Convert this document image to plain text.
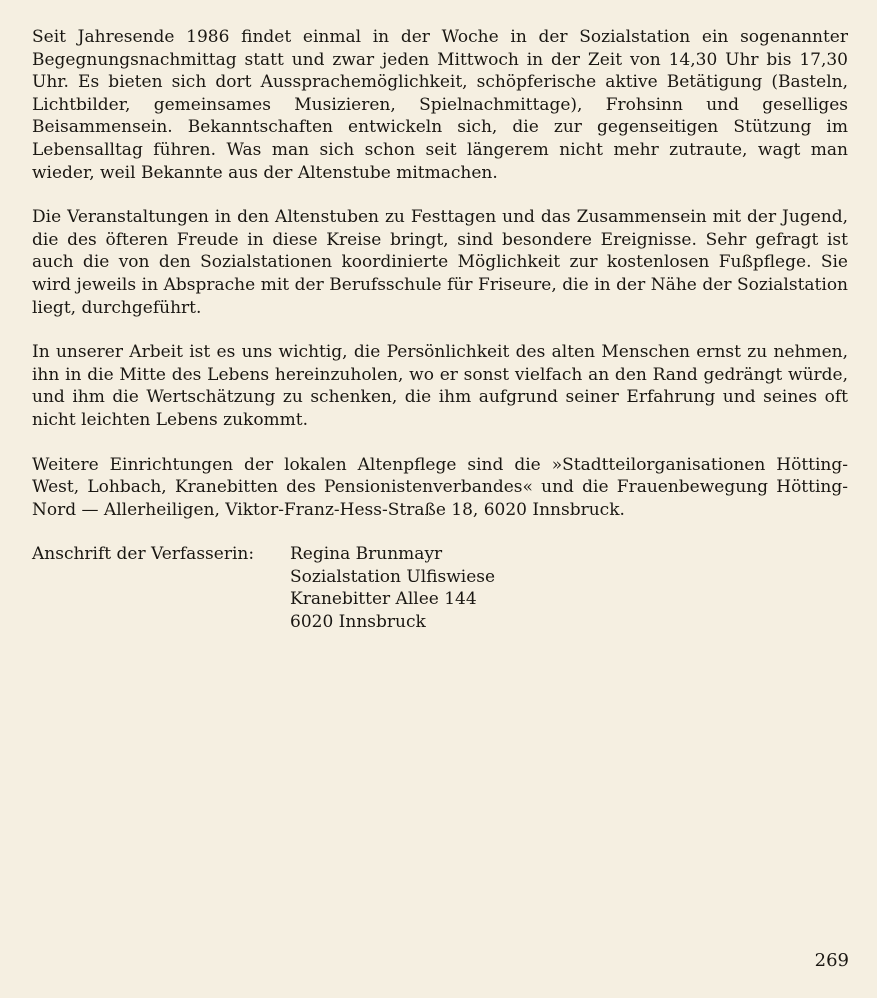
Seit Jahresende 1986 findet einmal in der Woche in der Sozialstation ein sogenannter Begegnungsnachmittag statt und zwar jeden Mittwoch in der Zeit von 14,30 Uhr bis 17,30 Uhr. Es bieten sich dort Aussprachemöglichkeit, schöpferische aktive Betätigung (Basteln, Lichtbilder, gemeinsames Musizieren, Spielnachmittage), Frohsinn und geselliges Beisammensein. Bekanntschaften entwickeln sich, die zur gegenseitigen Stützung im Lebensalltag führen. Was man sich schon seit längerem nicht mehr zutraute, wagt man wieder, weil Bekannte aus der Altenstube mitmachen.

Die Veranstaltungen in den Altenstuben zu Festtagen und das Zusammensein mit der Jugend, die des öfteren Freude in diese Kreise bringt, sind besondere Ereignisse. Sehr gefragt ist auch die von den Sozialstationen koordinierte Möglichkeit zur kostenlosen Fußpflege. Sie wird jeweils in Absprache mit der Berufsschule für Friseure, die in der Nähe der Sozialstation liegt, durchgeführt.

In unserer Arbeit ist es uns wichtig, die Persönlichkeit des alten Menschen ernst zu nehmen, ihn in die Mitte des Lebens hereinzuholen, wo er sonst vielfach an den Rand gedrängt würde, und ihm die Wertschätzung zu schenken, die ihm aufgrund seiner Erfahrung und seines oft nicht leichten Lebens zukommt.

Weitere Einrichtungen der lokalen Altenpflege sind die »Stadtteilorganisationen Hötting-West, Lohbach, Kranebitten des Pensionistenverbandes« und die Frauenbewegung Hötting-Nord — Allerheiligen, Viktor-Franz-Hess-Straße 18, 6020 Innsbruck.

Anschrift der Verfasserin:	Regina Brunmayr
Sozialstation Ulfiswiese
Kranebitter Allee 144
6020 Innsbruck
269
